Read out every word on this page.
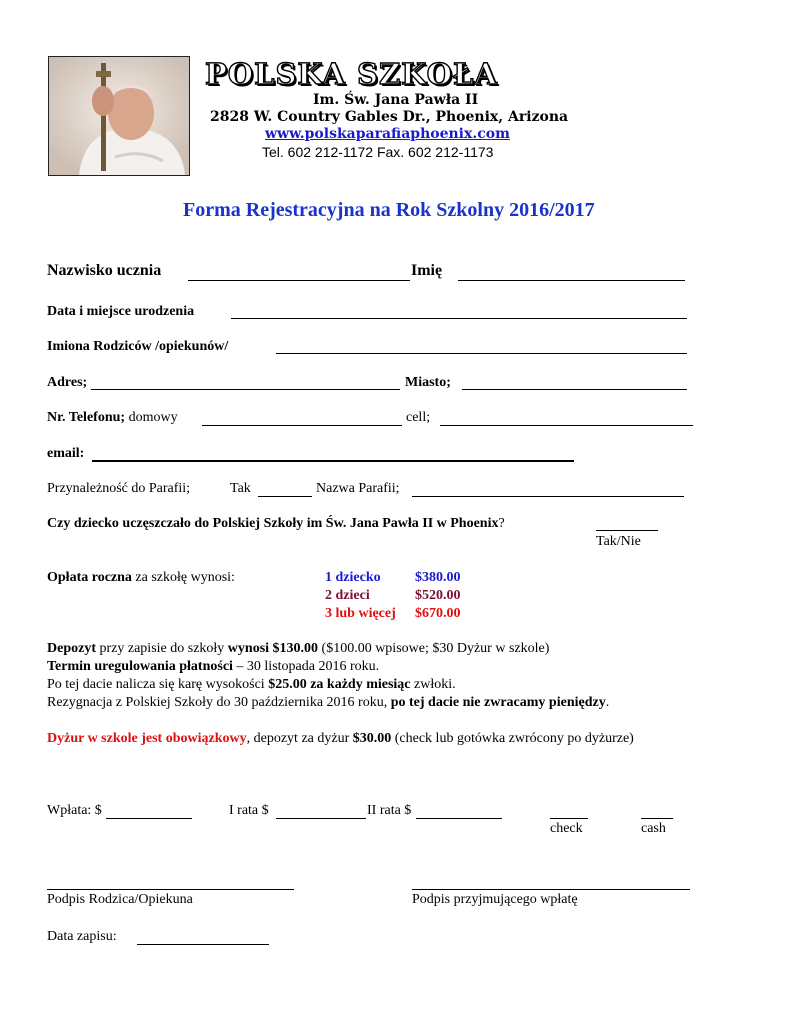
POLSKA SZKOŁA
Im. Św. Jana Pawła II
2828 W. Country Gables Dr., Phoenix, Arizona
www.polskaparafiaphoenix.com
Tel. 602 212-1172 Fax. 602 212-1173
Forma Rejestracyjna na Rok Szkolny 2016/2017
Nazwisko ucznia	Imię
Data i miejsce urodzenia
Imiona Rodziców /opiekunów/
Adres;	Miasto;
Nr. Telefonu; domowy	cell;
email:
Przynależność do Parafii;	Tak	Nazwa Parafii;
Czy dziecko uczęszczało do Polskiej Szkoły im Św. Jana Pawła II w Phoenix?
Tak/Nie
Opłata roczna za szkołę wynosi:	1 dziecko $380.00
2 dzieci	$520.00
3 lub więcej $670.00
Depozyt przy zapisie do szkoły wynosi $130.00 ($100.00 wpisowe; $30 Dyżur w szkole)
Termin uregulowania płatności – 30 listopada 2016 roku.
Po tej dacie nalicza się karę wysokości $25.00 za każdy miesiąc zwłoki.
Rezygnacja z Polskiej Szkoły do 30 października 2016 roku, po tej dacie nie zwracamy pieniędzy.
Dyżur w szkole jest obowiązkowy, depozyt za dyżur $30.00 (check lub gotówka zwrócony po dyżurze)
Wpłata: $	I rata $	II rata $
check	cash
Podpis Rodzica/Opiekuna	Podpis przyjmującego wpłatę
Data zapisu:
